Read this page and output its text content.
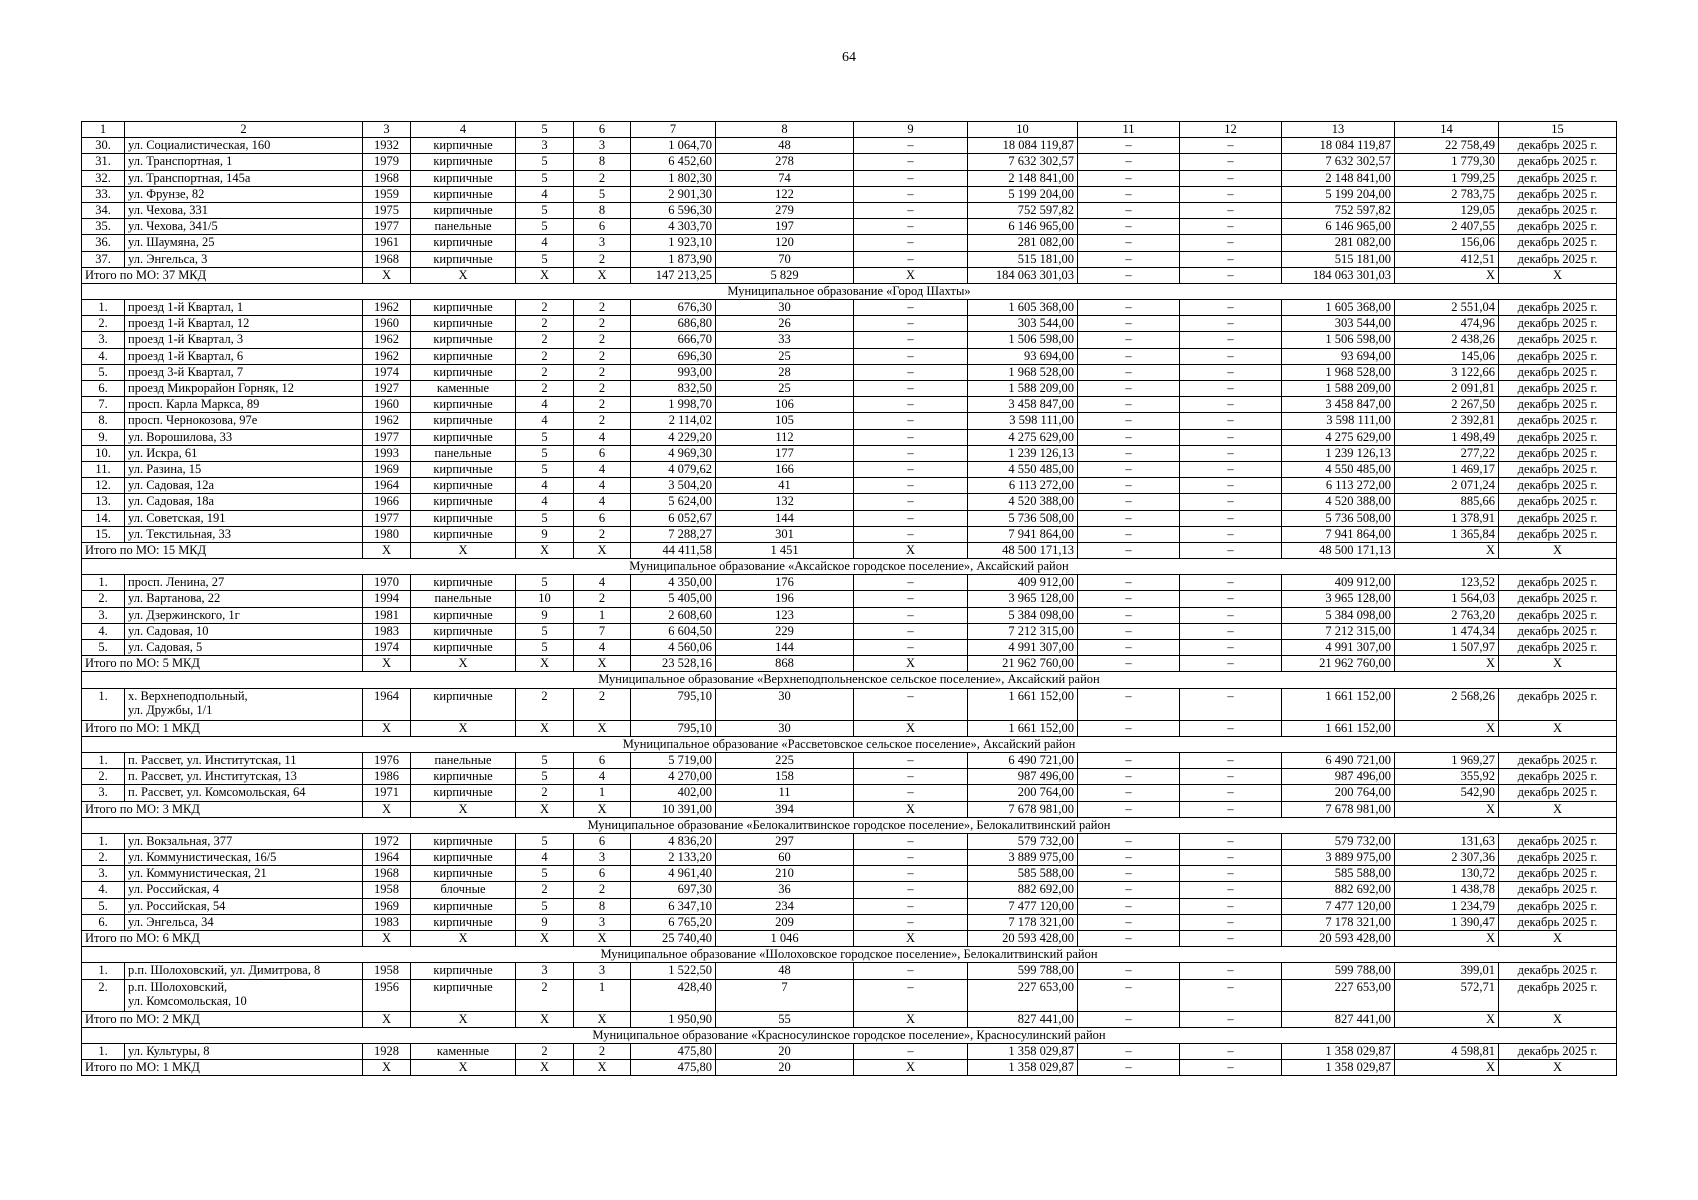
64
1	2	3	4	5	6	7	8	9	10	11	12	13	14	15
30.	ул. Социалистическая, 160	1932	кирпичные	3	3	1 064,70	48	–	18 084 119,87	–	–	18 084 119,87	22 758,49	декабрь 2025 г.
31.	ул. Транспортная, 1	1979	кирпичные	5	8	6 452,60	278	–	7 632 302,57	–	–	7 632 302,57	1 779,30	декабрь 2025 г.
32.	ул. Транспортная, 145а	1968	кирпичные	5	2	1 802,30	74	–	2 148 841,00	–	–	2 148 841,00	1 799,25	декабрь 2025 г.
33.	ул. Фрунзе, 82	1959	кирпичные	4	5	2 901,30	122	–	5 199 204,00	–	–	5 199 204,00	2 783,75	декабрь 2025 г.
34.	ул. Чехова, 331	1975	кирпичные	5	8	6 596,30	279	–	752 597,82	–	–	752 597,82	129,05	декабрь 2025 г.
35.	ул. Чехова, 341/5	1977	панельные	5	6	4 303,70	197	–	6 146 965,00	–	–	6 146 965,00	2 407,55	декабрь 2025 г.
36.	ул. Шаумяна, 25	1961	кирпичные	4	3	1 923,10	120	–	281 082,00	–	–	281 082,00	156,06	декабрь 2025 г.
37.	ул. Энгельса, 3	1968	кирпичные	5	2	1 873,90	70	–	515 181,00	–	–	515 181,00	412,51	декабрь 2025 г.
Итого по МО: 37 МКД		Х	Х	Х	Х	147 213,25	5 829	Х	184 063 301,03	–	–	184 063 301,03	Х	Х
Муниципальное образование «Город Шахты»														
1.	проезд 1-й Квартал, 1	1962	кирпичные	2	2	676,30	30	–	1 605 368,00	–	–	1 605 368,00	2 551,04	декабрь 2025 г.
2.	проезд 1-й Квартал, 12	1960	кирпичные	2	2	686,80	26	–	303 544,00	–	–	303 544,00	474,96	декабрь 2025 г.
3.	проезд 1-й Квартал, 3	1962	кирпичные	2	2	666,70	33	–	1 506 598,00	–	–	1 506 598,00	2 438,26	декабрь 2025 г.
4.	проезд 1-й Квартал, 6	1962	кирпичные	2	2	696,30	25	–	93 694,00	–	–	93 694,00	145,06	декабрь 2025 г.
5.	проезд 3-й Квартал, 7	1974	кирпичные	2	2	993,00	28	–	1 968 528,00	–	–	1 968 528,00	3 122,66	декабрь 2025 г.
6.	проезд Микрорайон Горняк, 12	1927	каменные	2	2	832,50	25	–	1 588 209,00	–	–	1 588 209,00	2 091,81	декабрь 2025 г.
7.	просп. Карла Маркса, 89	1960	кирпичные	4	2	1 998,70	106	–	3 458 847,00	–	–	3 458 847,00	2 267,50	декабрь 2025 г.
8.	просп. Чернокозова, 97е	1962	кирпичные	4	2	2 114,02	105	–	3 598 111,00	–	–	3 598 111,00	2 392,81	декабрь 2025 г.
9.	ул. Ворошилова, 33	1977	кирпичные	5	4	4 229,20	112	–	4 275 629,00	–	–	4 275 629,00	1 498,49	декабрь 2025 г.
10.	ул. Искра, 61	1993	панельные	5	6	4 969,30	177	–	1 239 126,13	–	–	1 239 126,13	277,22	декабрь 2025 г.
11.	ул. Разина, 15	1969	кирпичные	5	4	4 079,62	166	–	4 550 485,00	–	–	4 550 485,00	1 469,17	декабрь 2025 г.
12.	ул. Садовая, 12а	1964	кирпичные	4	4	3 504,20	41	–	6 113 272,00	–	–	6 113 272,00	2 071,24	декабрь 2025 г.
13.	ул. Садовая, 18а	1966	кирпичные	4	4	5 624,00	132	–	4 520 388,00	–	–	4 520 388,00	885,66	декабрь 2025 г.
14.	ул. Советская, 191	1977	кирпичные	5	6	6 052,67	144	–	5 736 508,00	–	–	5 736 508,00	1 378,91	декабрь 2025 г.
15.	ул. Текстильная, 33	1980	кирпичные	9	2	7 288,27	301	–	7 941 864,00	–	–	7 941 864,00	1 365,84	декабрь 2025 г.
Итого по МО: 15 МКД		Х	Х	Х	Х	44 411,58	1 451	Х	48 500 171,13	–	–	48 500 171,13	Х	Х
Муниципальное образование «Аксайское городское поселение», Аксайский район														
1.	просп. Ленина, 27	1970	кирпичные	5	4	4 350,00	176	–	409 912,00	–	–	409 912,00	123,52	декабрь 2025 г.
2.	ул. Вартанова, 22	1994	панельные	10	2	5 405,00	196	–	3 965 128,00	–	–	3 965 128,00	1 564,03	декабрь 2025 г.
3.	ул. Дзержинского, 1г	1981	кирпичные	9	1	2 608,60	123	–	5 384 098,00	–	–	5 384 098,00	2 763,20	декабрь 2025 г.
4.	ул. Садовая, 10	1983	кирпичные	5	7	6 604,50	229	–	7 212 315,00	–	–	7 212 315,00	1 474,34	декабрь 2025 г.
5.	ул. Садовая, 5	1974	кирпичные	5	4	4 560,06	144	–	4 991 307,00	–	–	4 991 307,00	1 507,97	декабрь 2025 г.
Итого по МО: 5 МКД		Х	Х	Х	Х	23 528,16	868	Х	21 962 760,00	–	–	21 962 760,00	Х	Х
Муниципальное образование «Верхнеподпольненское сельское поселение», Аксайский район														
1.	х. Верхнеподпольный,
ул. Дружбы, 1/1	1964	кирпичные	2	2	795,10	30	–	1 661 152,00	–	–	1 661 152,00	2 568,26	декабрь 2025 г.
Итого по МО: 1 МКД		Х	Х	Х	Х	795,10	30	Х	1 661 152,00	–	–	1 661 152,00	Х	Х
Муниципальное образование «Рассветовское сельское поселение», Аксайский район														
1.	п. Рассвет, ул. Институтская, 11	1976	панельные	5	6	5 719,00	225	–	6 490 721,00	–	–	6 490 721,00	1 969,27	декабрь 2025 г.
2.	п. Рассвет, ул. Институтская, 13	1986	кирпичные	5	4	4 270,00	158	–	987 496,00	–	–	987 496,00	355,92	декабрь 2025 г.
3.	п. Рассвет, ул. Комсомольская, 64	1971	кирпичные	2	1	402,00	11	–	200 764,00	–	–	200 764,00	542,90	декабрь 2025 г.
Итого по МО: 3 МКД		Х	Х	Х	Х	10 391,00	394	Х	7 678 981,00	–	–	7 678 981,00	Х	Х
Муниципальное образование «Белокалитвинское городское поселение», Белокалитвинский район														
1.	ул. Вокзальная, 377	1972	кирпичные	5	6	4 836,20	297	–	579 732,00	–	–	579 732,00	131,63	декабрь 2025 г.
2.	ул. Коммунистическая, 16/5	1964	кирпичные	4	3	2 133,20	60	–	3 889 975,00	–	–	3 889 975,00	2 307,36	декабрь 2025 г.
3.	ул. Коммунистическая, 21	1968	кирпичные	5	6	4 961,40	210	–	585 588,00	–	–	585 588,00	130,72	декабрь 2025 г.
4.	ул. Российская, 4	1958	блочные	2	2	697,30	36	–	882 692,00	–	–	882 692,00	1 438,78	декабрь 2025 г.
5.	ул. Российская, 54	1969	кирпичные	5	8	6 347,10	234	–	7 477 120,00	–	–	7 477 120,00	1 234,79	декабрь 2025 г.
6.	ул. Энгельса, 34	1983	кирпичные	9	3	6 765,20	209	–	7 178 321,00	–	–	7 178 321,00	1 390,47	декабрь 2025 г.
Итого по МО: 6 МКД		Х	Х	Х	Х	25 740,40	1 046	Х	20 593 428,00	–	–	20 593 428,00	Х	Х
Муниципальное образование «Шолоховское городское поселение», Белокалитвинский район														
1.	р.п. Шолоховский, ул. Димитрова, 8	1958	кирпичные	3	3	1 522,50	48	–	599 788,00	–	–	599 788,00	399,01	декабрь 2025 г.
2.	р.п. Шолоховский,
ул. Комсомольская, 10	1956	кирпичные	2	1	428,40	7	–	227 653,00	–	–	227 653,00	572,71	декабрь 2025 г.
Итого по МО: 2 МКД		Х	Х	Х	Х	1 950,90	55	Х	827 441,00	–	–	827 441,00	Х	Х
Муниципальное образование «Красносулинское городское поселение», Красносулинский район														
1.	ул. Культуры, 8	1928	каменные	2	2	475,80	20	–	1 358 029,87	–	–	1 358 029,87	4 598,81	декабрь 2025 г.
Итого по МО: 1 МКД		Х	Х	Х	Х	475,80	20	Х	1 358 029,87	–	–	1 358 029,87	Х	Х
